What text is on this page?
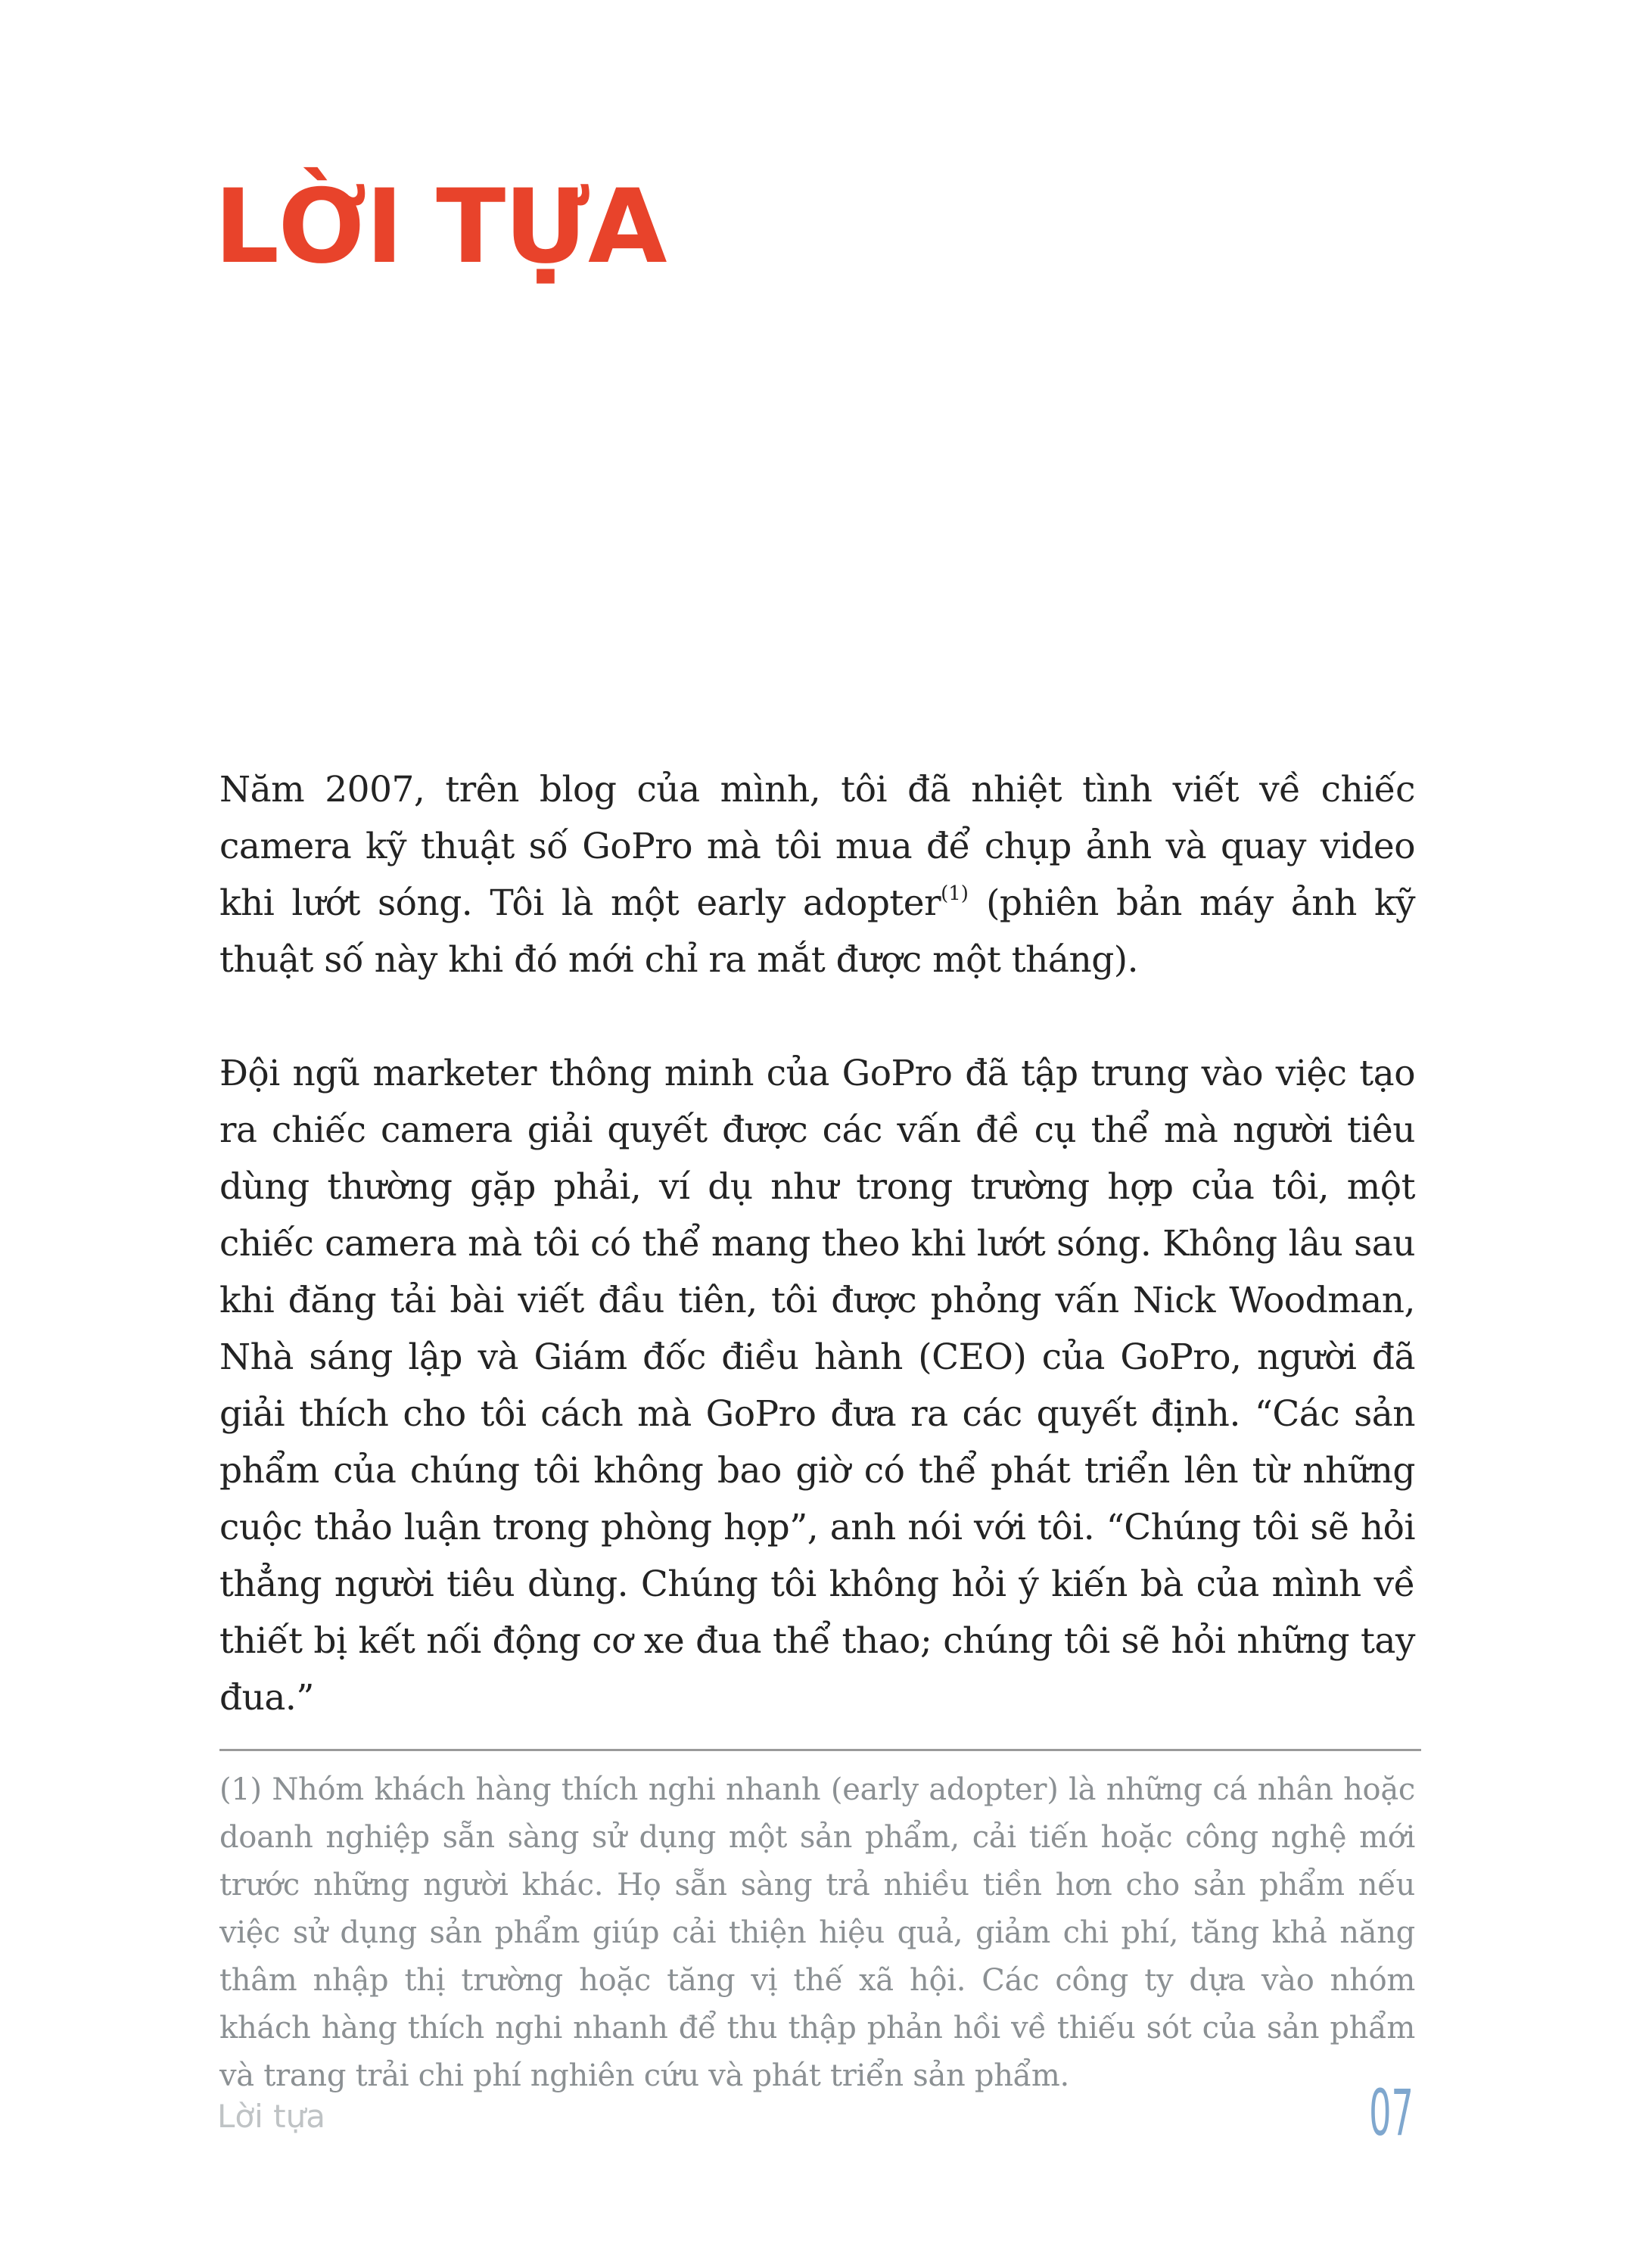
LỜI TỰA

Năm 2007, trên blog của mình, tôi đã nhiệt tình viết về chiếc camera kỹ thuật số GoPro mà tôi mua để chụp ảnh và quay video khi lướt sóng. Tôi là một early adopter$^{(1)}$ (phiên bản máy ảnh kỹ thuật số này khi đó mới chỉ ra mắt được một tháng).

Đội ngũ marketer thông minh của GoPro đã tập trung vào việc tạo ra chiếc camera giải quyết được các vấn đề cụ thể mà người tiêu dùng thường gặp phải, ví dụ như trong trường hợp của tôi, một chiếc camera mà tôi có thể mang theo khi lướt sóng. Không lâu sau khi đăng tải bài viết đầu tiên, tôi được phỏng vấn Nick Woodman, Nhà sáng lập và Giám đốc điều hành (CEO) của GoPro, người đã giải thích cho tôi cách mà GoPro đưa ra các quyết định. “Các sản phẩm của chúng tôi không bao giờ có thể phát triển lên từ những cuộc thảo luận trong phòng họp”, anh nói với tôi. “Chúng tôi sẽ hỏi thẳng người tiêu dùng. Chúng tôi không hỏi ý kiến bà của mình về thiết bị kết nối động cơ xe đua thể thao; chúng tôi sẽ hỏi những tay đua.”

(1) Nhóm khách hàng thích nghi nhanh (early adopter) là những cá nhân hoặc doanh nghiệp sẵn sàng sử dụng một sản phẩm, cải tiến hoặc công nghệ mới trước những người khác. Họ sẵn sàng trả nhiều tiền hơn cho sản phẩm nếu việc sử dụng sản phẩm giúp cải thiện hiệu quả, giảm chi phí, tăng khả năng thâm nhập thị trường hoặc tăng vị thế xã hội. Các công ty dựa vào nhóm khách hàng thích nghi nhanh để thu thập phản hồi về thiếu sót của sản phẩm và trang trải chi phí nghiên cứu và phát triển sản phẩm.
Lời tựa	07
